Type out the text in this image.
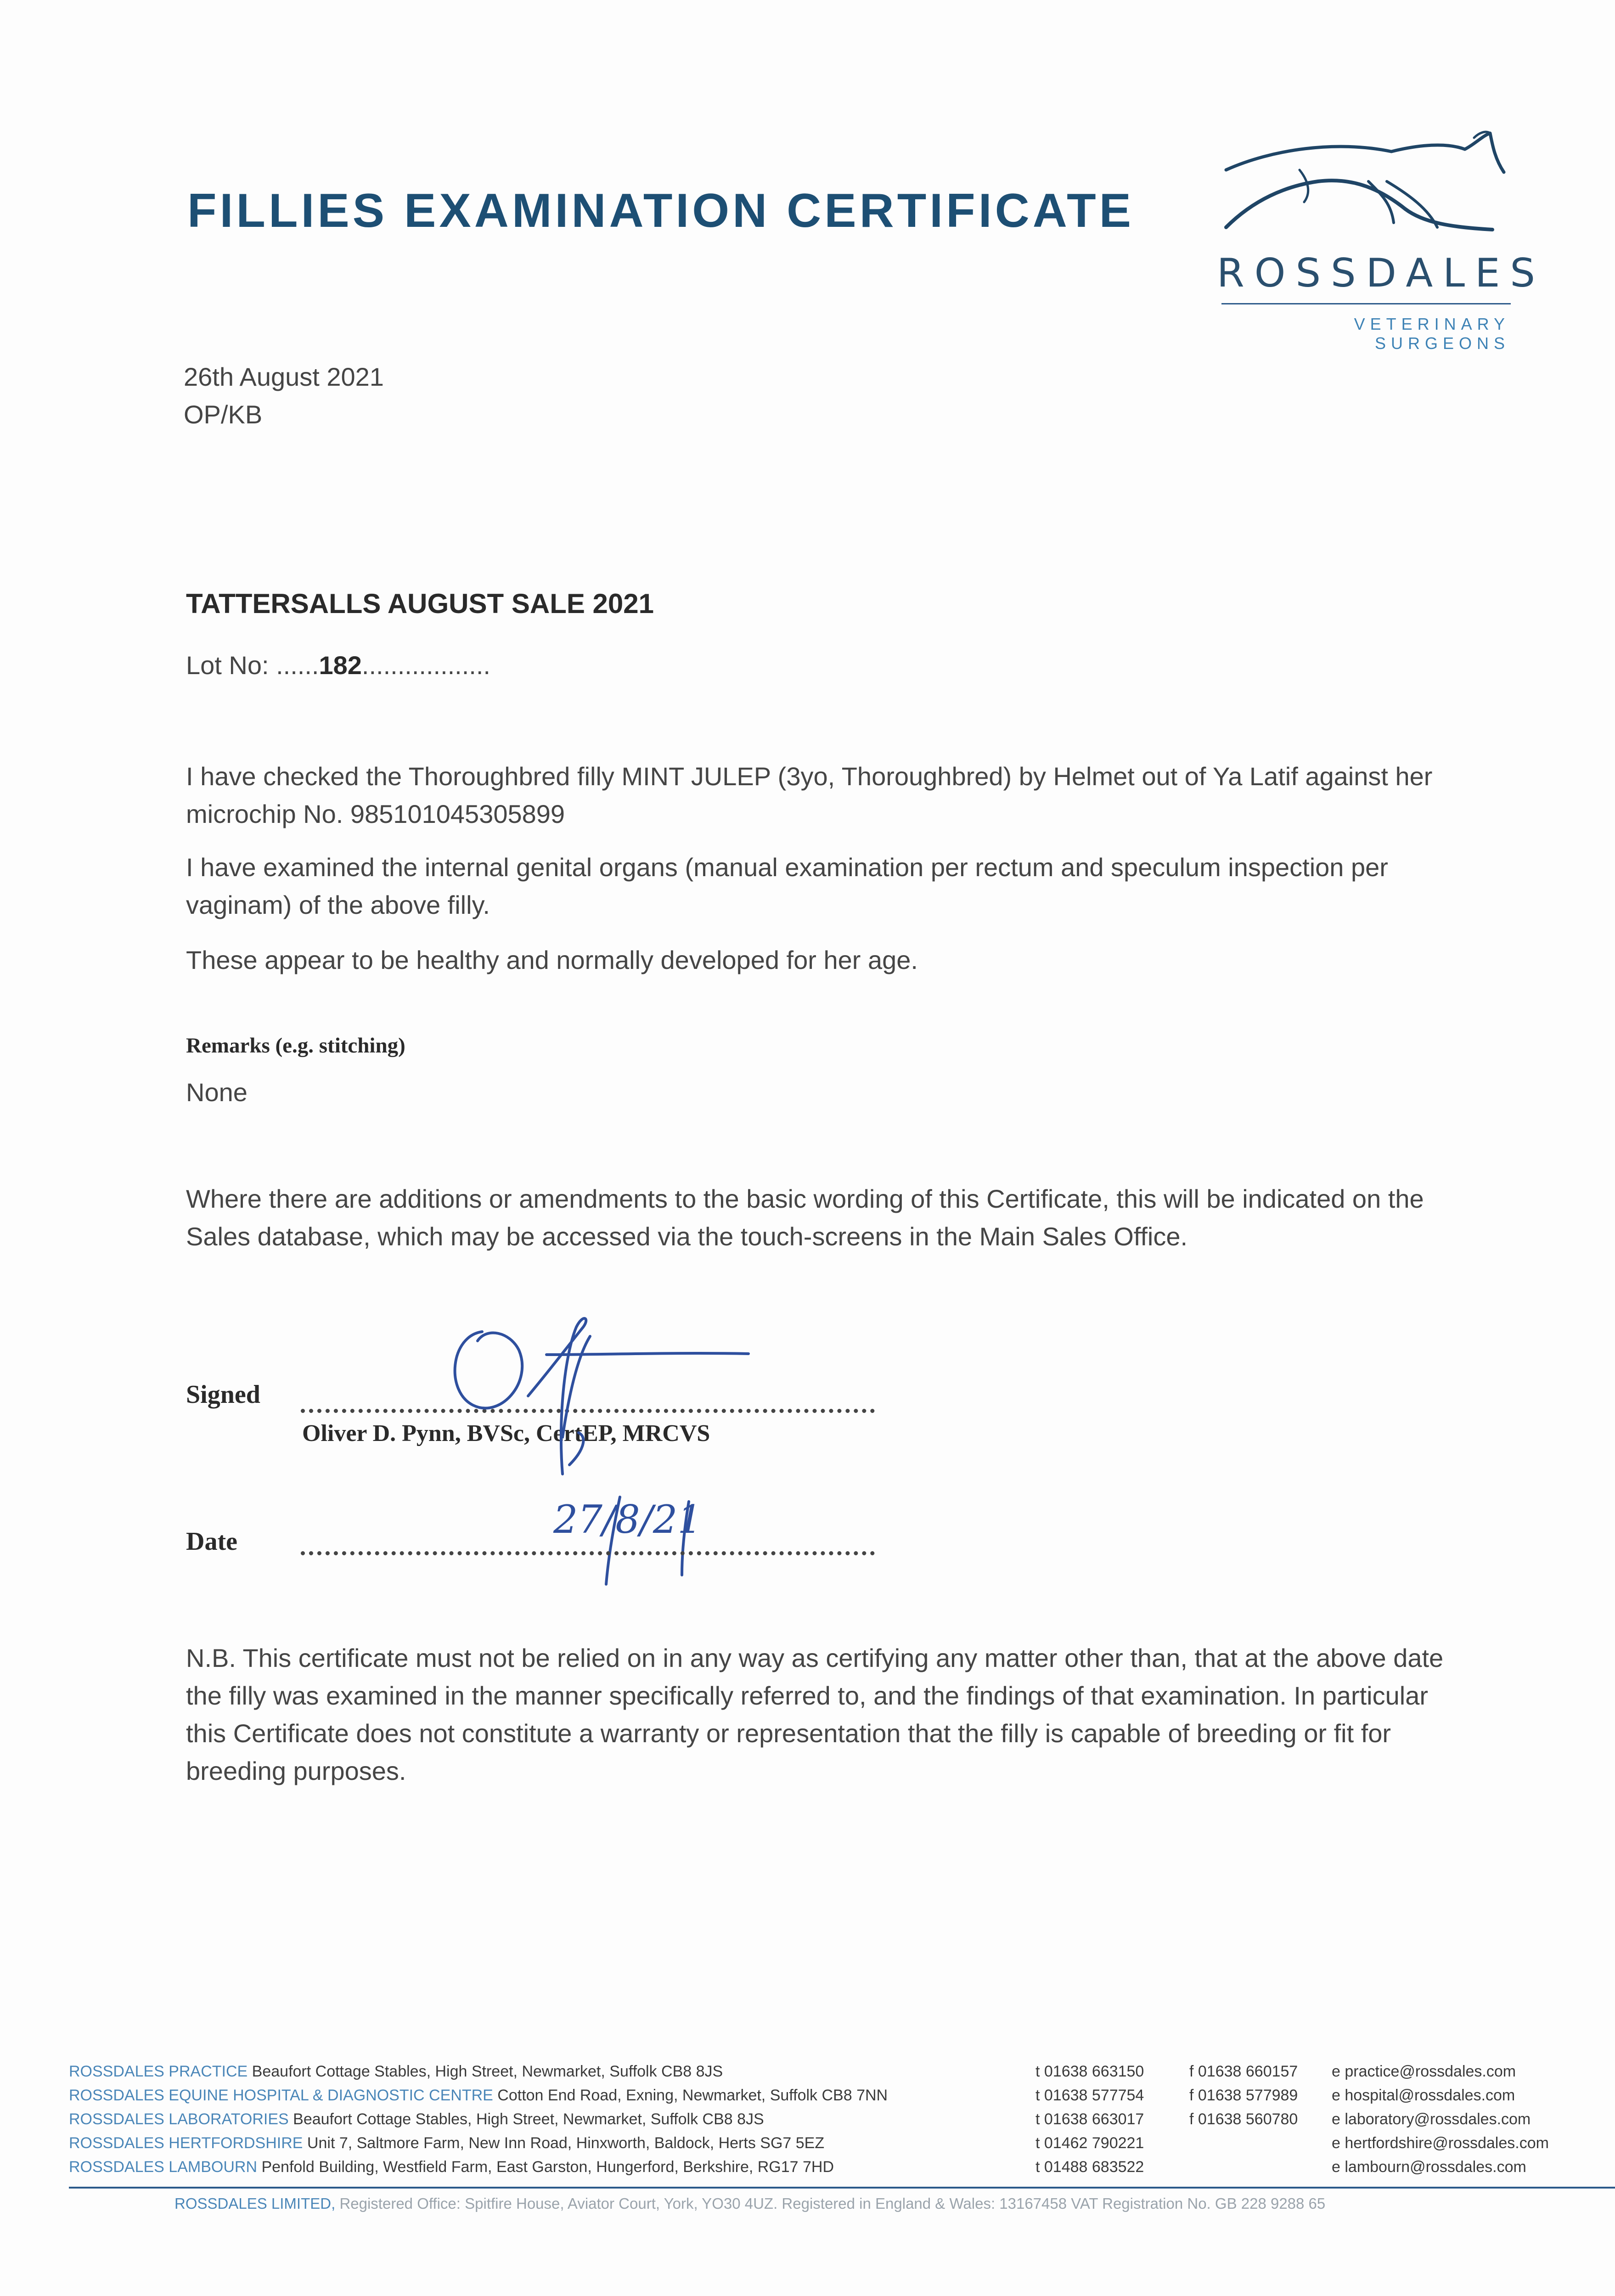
FILLIES EXAMINATION CERTIFICATE
ROSSDALES
VETERINARY SURGEONS
26th August 2021
OP/KB
TATTERSALLS AUGUST SALE 2021
Lot No: ......182..................
I have checked the Thoroughbred filly MINT JULEP (3yo, Thoroughbred) by Helmet out of Ya Latif against her microchip No. 985101045305899
I have examined the internal genital organs (manual examination per rectum and speculum inspection per vaginam) of the above filly.
These appear to be healthy and normally developed for her age.
Remarks (e.g. stitching)
None
Where there are additions or amendments to the basic wording of this Certificate, this will be indicated on the Sales database, which may be accessed via the touch-screens in the Main Sales Office.
Signed
Oliver D. Pynn, BVSc, CertEP, MRCVS
Date	27/8/21
N.B. This certificate must not be relied on in any way as certifying any matter other than, that at the above date the filly was examined in the manner specifically referred to, and the findings of that examination. In particular this Certificate does not constitute a warranty or representation that the filly is capable of breeding or fit for breeding purposes.
ROSSDALES PRACTICE Beaufort Cottage Stables, High Street, Newmarket, Suffolk CB8 8JS
ROSSDALES EQUINE HOSPITAL & DIAGNOSTIC CENTRE Cotton End Road, Exning, Newmarket, Suffolk CB8 7NN
ROSSDALES LABORATORIES Beaufort Cottage Stables, High Street, Newmarket, Suffolk CB8 8JS
ROSSDALES HERTFORDSHIRE Unit 7, Saltmore Farm, New Inn Road, Hinxworth, Baldock, Herts SG7 5EZ
ROSSDALES LAMBOURN Penfold Building, Westfield Farm, East Garston, Hungerford, Berkshire, RG17 7HD
t 01638 663150
t 01638 577754
t 01638 663017
t 01462 790221
t 01488 683522
f 01638 660157
f 01638 577989
f 01638 560780
e practice@rossdales.com
e hospital@rossdales.com
e laboratory@rossdales.com
e hertfordshire@rossdales.com
e lambourn@rossdales.com
ROSSDALES LIMITED, Registered Office: Spitfire House, Aviator Court, York, YO30 4UZ. Registered in England & Wales: 13167458 VAT Registration No. GB 228 9288 65
